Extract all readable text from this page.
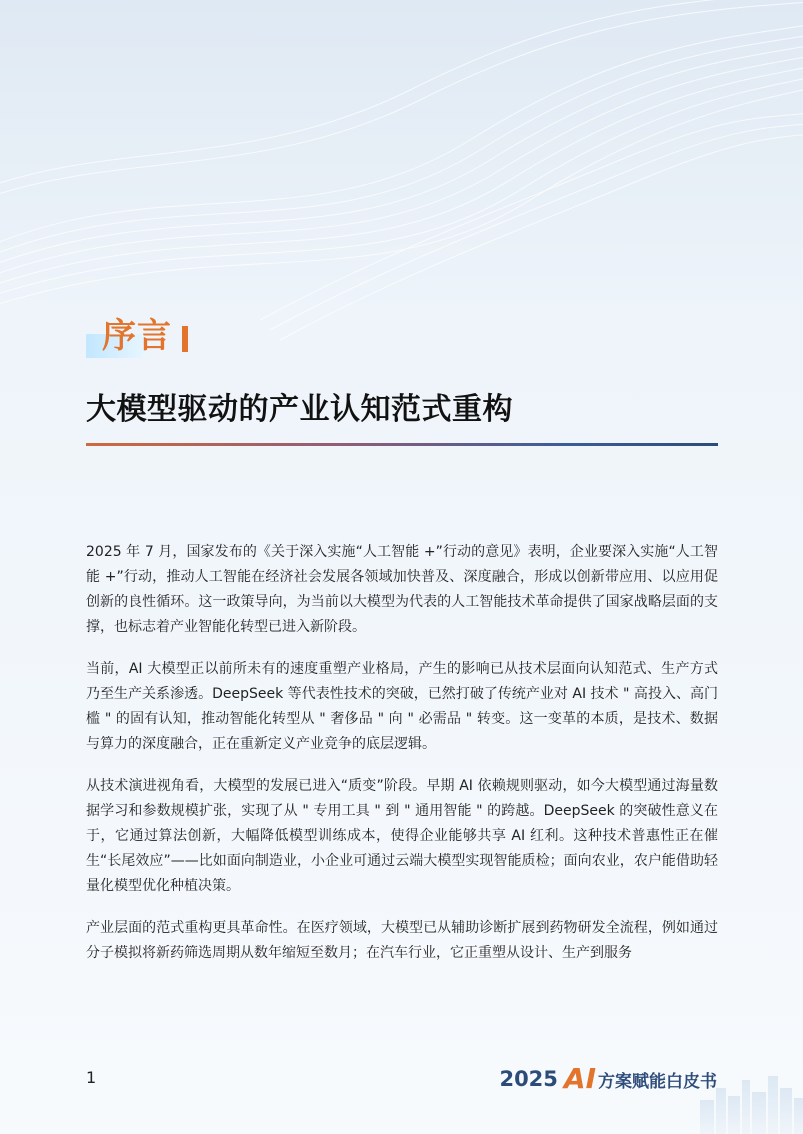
序言
大模型驱动的产业认知范式重构

2025 年 7 月，国家发布的《关于深入实施“人工智能 +”行动的意见》表明，企业要深入实施“人工智能 +”行动，推动人工智能在经济社会发展各领域加快普及、深度融合，形成以创新带应用、以应用促创新的良性循环。这一政策导向，为当前以大模型为代表的人工智能技术革命提供了国家战略层面的支撑，也标志着产业智能化转型已进入新阶段。

当前，AI 大模型正以前所未有的速度重塑产业格局，产生的影响已从技术层面向认知范式、生产方式乃至生产关系渗透。DeepSeek 等代表性技术的突破，已然打破了传统产业对 AI 技术 " 高投入、高门槛 " 的固有认知，推动智能化转型从 " 奢侈品 " 向 " 必需品 " 转变。这一变革的本质，是技术、数据与算力的深度融合，正在重新定义产业竞争的底层逻辑。

从技术演进视角看，大模型的发展已进入“质变”阶段。早期 AI 依赖规则驱动，如今大模型通过海量数据学习和参数规模扩张，实现了从 " 专用工具 " 到 " 通用智能 " 的跨越。DeepSeek 的突破性意义在于，它通过算法创新，大幅降低模型训练成本，使得企业能够共享 AI 红利。这种技术普惠性正在催生“长尾效应”——比如面向制造业，小企业可通过云端大模型实现智能质检；面向农业，农户能借助轻量化模型优化种植决策。

产业层面的范式重构更具革命性。在医疗领域，大模型已从辅助诊断扩展到药物研发全流程，例如通过分子模拟将新药筛选周期从数年缩短至数月；在汽车行业，它正重塑从设计、生产到服务

1	2025 AI 方案赋能白皮书
